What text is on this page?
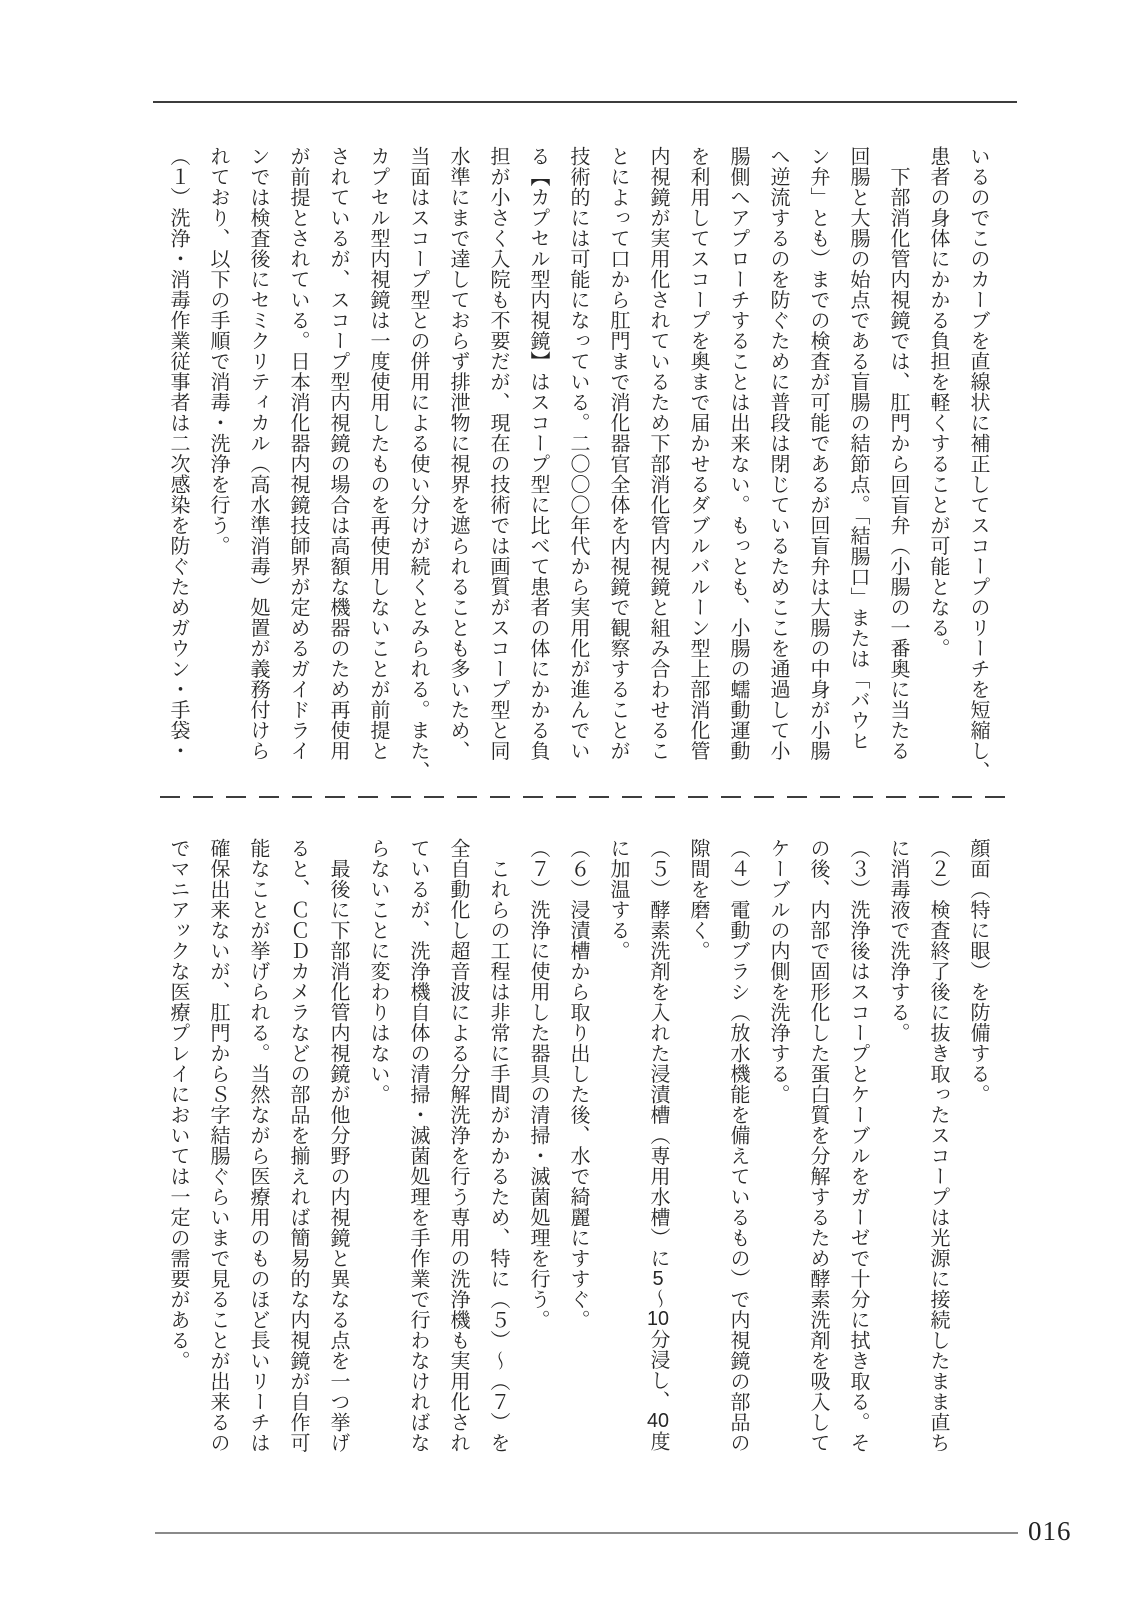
いるのでこのカーブを直線状に補正してスコープのリーチを短縮し、
患者の身体にかかる負担を軽くすることが可能となる。
　下部消化管内視鏡では、肛門から回盲弁（小腸の一番奥に当たる
回腸と大腸の始点である盲腸の結節点。「結腸口」または「バウヒ
ン弁」とも）までの検査が可能であるが回盲弁は大腸の中身が小腸
へ逆流するのを防ぐために普段は閉じているためここを通過して小
腸側へアプローチすることは出来ない。もっとも、小腸の蠕動運動
を利用してスコープを奥まで届かせるダブルバルーン型上部消化管
内視鏡が実用化されているため下部消化管内視鏡と組み合わせるこ
とによって口から肛門まで消化器官全体を内視鏡で観察することが
技術的には可能になっている。二〇〇〇年代から実用化が進んでい
る【カプセル型内視鏡】はスコープ型に比べて患者の体にかかる負
担が小さく入院も不要だが、現在の技術では画質がスコープ型と同
水準にまで達しておらず排泄物に視界を遮られることも多いため、
当面はスコープ型との併用による使い分けが続くとみられる。また、
カプセル型内視鏡は一度使用したものを再使用しないことが前提と
されているが、スコープ型内視鏡の場合は高額な機器のため再使用
が前提とされている。日本消化器内視鏡技師界が定めるガイドライ
ンでは検査後にセミクリティカル（高水準消毒）処置が義務付けら
れており、以下の手順で消毒・洗浄を行う。
（１）洗浄・消毒作業従事者は二次感染を防ぐためガウン・手袋・
顔面（特に眼）を防備する。
（２）検査終了後に抜き取ったスコープは光源に接続したまま直ち
に消毒液で洗浄する。
（３）洗浄後はスコープとケーブルをガーゼで十分に拭き取る。そ
の後、内部で固形化した蛋白質を分解するため酵素洗剤を吸入して
ケーブルの内側を洗浄する。
（４）電動ブラシ（放水機能を備えているもの）で内視鏡の部品の
隙間を磨く。
（５）酵素洗剤を入れた浸漬槽（専用水槽）に5〜10分浸し、40度
に加温する。
（６）浸漬槽から取り出した後、水で綺麗にすすぐ。
（７）洗浄に使用した器具の清掃・滅菌処理を行う。
　これらの工程は非常に手間がかかるため、特に（５）〜（７）を
全自動化し超音波による分解洗浄を行う専用の洗浄機も実用化され
ているが、洗浄機自体の清掃・滅菌処理を手作業で行わなければな
らないことに変わりはない。
　最後に下部消化管内視鏡が他分野の内視鏡と異なる点を一つ挙げ
ると、ＣＣＤカメラなどの部品を揃えれば簡易的な内視鏡が自作可
能なことが挙げられる。当然ながら医療用のものほど長いリーチは
確保出来ないが、肛門からＳ字結腸ぐらいまで見ることが出来るの
でマニアックな医療プレイにおいては一定の需要がある。
016
